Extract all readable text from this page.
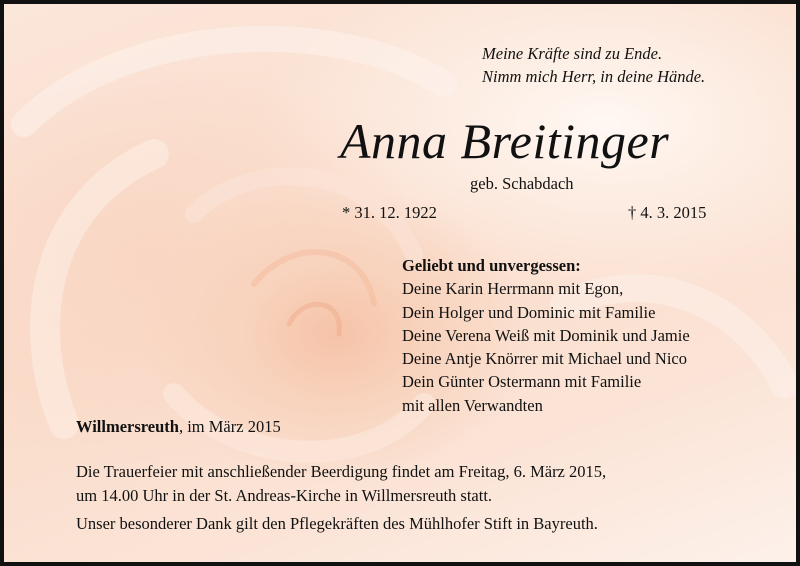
Meine Kräfte sind zu Ende.
Nimm mich Herr, in deine Hände.
Anna Breitinger
geb. Schabdach
* 31. 12. 1922	† 4. 3. 2015
Geliebt und unvergessen:
Deine Karin Herrmann mit Egon,
Dein Holger und Dominic mit Familie
Deine Verena Weiß mit Dominik und Jamie
Deine Antje Knörrer mit Michael und Nico
Dein Günter Ostermann mit Familie
mit allen Verwandten
Willmersreuth, im März 2015
Die Trauerfeier mit anschließender Beerdigung findet am Freitag, 6. März 2015,
um 14.00 Uhr in der St. Andreas-Kirche in Willmersreuth statt.
Unser besonderer Dank gilt den Pflegekräften des Mühlhofer Stift in Bayreuth.
